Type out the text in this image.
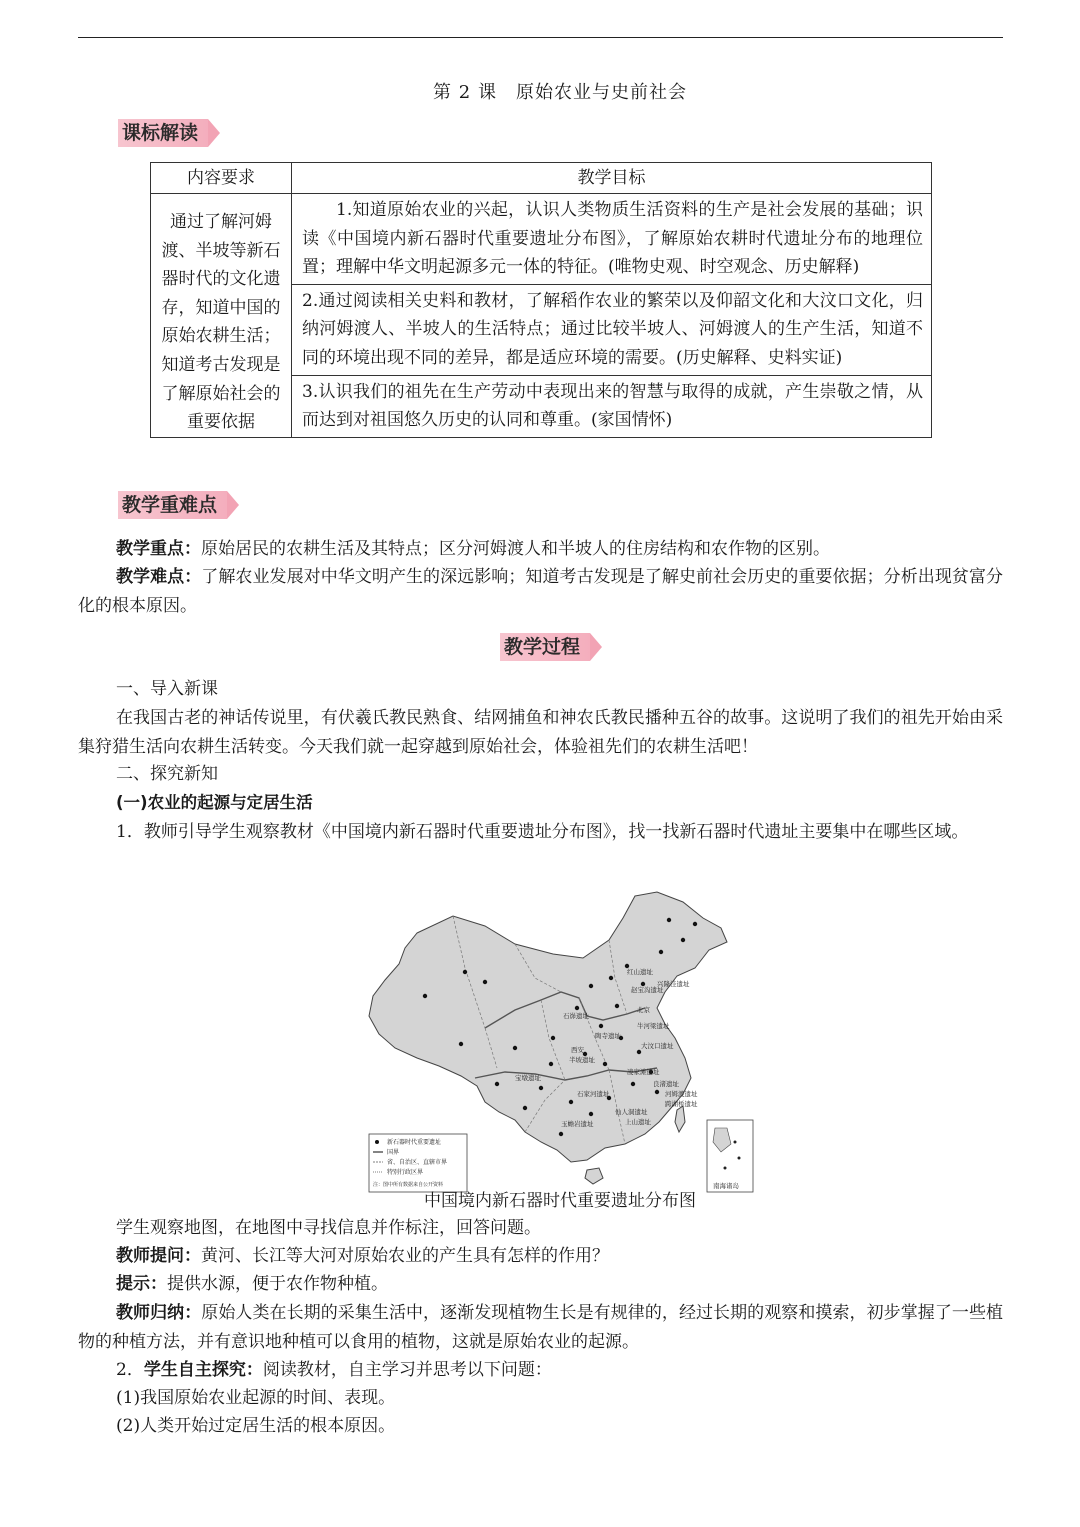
第 2 课　原始农业与史前社会
课标解读
内容要求	教学目标
通过了解河姆渡、半坡等新石器时代的文化遗存，知道中国的原始农耕生活；知道考古发现是了解原始社会的重要依据	1.知道原始农业的兴起，认识人类物质生活资料的生产是社会发展的基础；识读《中国境内新石器时代重要遗址分布图》，了解原始农耕时代遗址分布的地理位置；理解中华文明起源多元一体的特征。(唯物史观、时空观念、历史解释)
	2.通过阅读相关史料和教材，了解稻作农业的繁荣以及仰韶文化和大汶口文化，归纳河姆渡人、半坡人的生活特点；通过比较半坡人、河姆渡人的生产生活，知道不同的环境出现不同的差异，都是适应环境的需要。(历史解释、史料实证)
	3.认识我们的祖先在生产劳动中表现出来的智慧与取得的成就，产生崇敬之情，从而达到对祖国悠久历史的认同和尊重。(家国情怀)
教学重难点
教学重点：原始居民的农耕生活及其特点；区分河姆渡人和半坡人的住房结构和农作物的区别。
教学难点：了解农业发展对中华文明产生的深远影响；知道考古发现是了解史前社会历史的重要依据；分析出现贫富分化的根本原因。
教学过程
一、导入新课
在我国古老的神话传说里，有伏羲氏教民熟食、结网捕鱼和神农氏教民播种五谷的故事。这说明了我们的祖先开始由采集狩猎生活向农耕生活转变。今天我们就一起穿越到原始社会，体验祖先们的农耕生活吧！
二、探究新知
(一)农业的起源与定居生活
1．教师引导学生观察教材《中国境内新石器时代重要遗址分布图》，找一找新石器时代遗址主要集中在哪些区域。
红山遗址
兴隆洼遗址
赵宝沟遗址
北京
石峁遗址
陶寺遗址
西安
半坡遗址
大汶口遗址
宝墩遗址
良渚遗址
河姆渡遗址
跨湖桥遗址
凌家滩遗址
石家河遗址
玉蟾岩遗址
仙人洞遗址
上山遗址
牛河梁遗址
新石器时代重要遗址
国界
省、自治区、直辖市界
特别行政区界
注：图中所有数据来自公开资料	南海诸岛
中国境内新石器时代重要遗址分布图
学生观察地图，在地图中寻找信息并作标注，回答问题。
教师提问：黄河、长江等大河对原始农业的产生具有怎样的作用？
提示：提供水源，便于农作物种植。
教师归纳：原始人类在长期的采集生活中，逐渐发现植物生长是有规律的，经过长期的观察和摸索，初步掌握了一些植物的种植方法，并有意识地种植可以食用的植物，这就是原始农业的起源。
2．学生自主探究：阅读教材，自主学习并思考以下问题：
(1)我国原始农业起源的时间、表现。
(2)人类开始过定居生活的根本原因。
